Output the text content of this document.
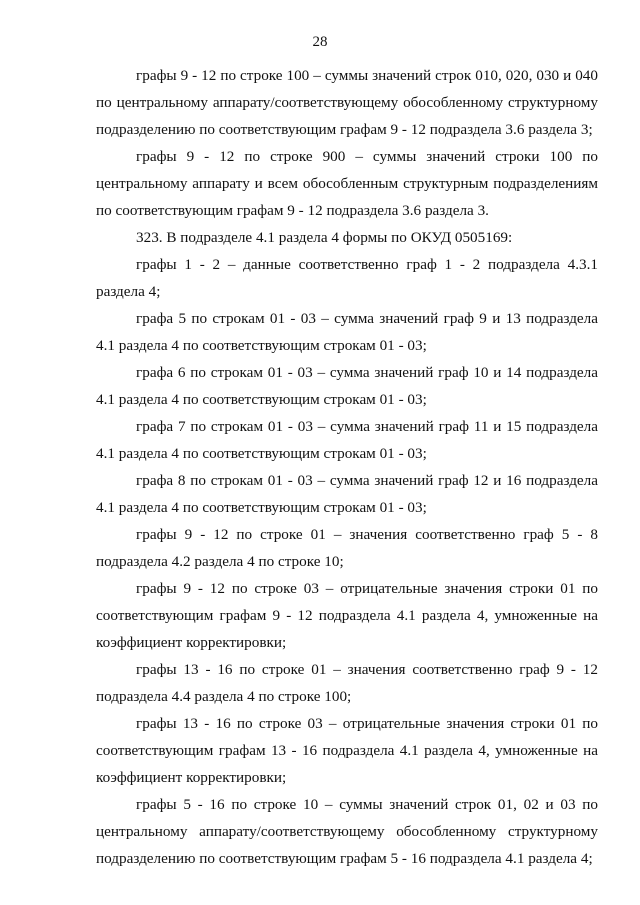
28

графы 9 - 12 по строке 100 – суммы значений строк 010, 020, 030 и 040 по центральному аппарату/соответствующему обособленному структурному подразделению по соответствующим графам 9 - 12 подраздела 3.6 раздела 3;

графы 9 - 12 по строке 900 – суммы значений строки 100 по центральному аппарату и всем обособленным структурным подразделениям по соответствующим графам 9 - 12 подраздела 3.6 раздела 3.

323. В подразделе 4.1 раздела 4 формы по ОКУД 0505169:

графы 1 - 2 – данные соответственно граф 1 - 2 подраздела 4.3.1 раздела 4;

графа 5 по строкам 01 - 03 – сумма значений граф 9 и 13 подраздела 4.1 раздела 4 по соответствующим строкам 01 - 03;

графа 6 по строкам 01 - 03 – сумма значений граф 10 и 14 подраздела 4.1 раздела 4 по соответствующим строкам 01 - 03;

графа 7 по строкам 01 - 03 – сумма значений граф 11 и 15 подраздела 4.1 раздела 4 по соответствующим строкам 01 - 03;

графа 8 по строкам 01 - 03 – сумма значений граф 12 и 16 подраздела 4.1 раздела 4 по соответствующим строкам 01 - 03;

графы 9 - 12 по строке 01 – значения соответственно граф 5 - 8 подраздела 4.2 раздела 4 по строке 10;

графы 9 - 12 по строке 03 – отрицательные значения строки 01 по соответствующим графам 9 - 12 подраздела 4.1 раздела 4, умноженные на коэффициент корректировки;

графы 13 - 16 по строке 01 – значения соответственно граф 9 - 12 подраздела 4.4 раздела 4 по строке 100;

графы 13 - 16 по строке 03 – отрицательные значения строки 01 по соответствующим графам 13 - 16 подраздела 4.1 раздела 4, умноженные на коэффициент корректировки;

графы 5 - 16 по строке 10 – суммы значений строк 01, 02 и 03 по центральному аппарату/соответствующему обособленному структурному подразделению по соответствующим графам 5 - 16 подраздела 4.1 раздела 4;
